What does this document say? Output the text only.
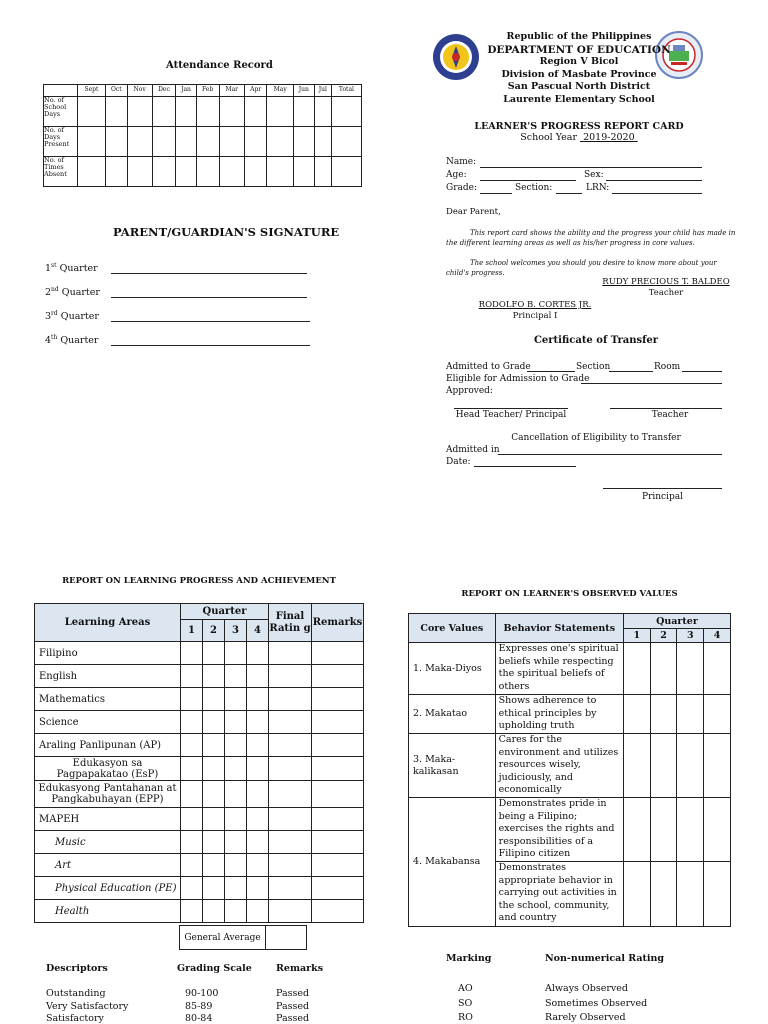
Attendance Record
	Sept	Oct	Nov	Dec	Jan	Feb	Mar	Apr	May	Jun	Jul	Total
No. of School Days												
No. of Days Present												
No. of Times Absent												
PARENT/GUARDIAN'S SIGNATURE
1st Quarter
2nd Quarter
3rd Quarter
4th Quarter
Republic of the Philippines
DEPARTMENT OF EDUCATION
Region V Bicol
Division of Masbate Province
San Pascual North District
Laurente Elementary School
LEARNER'S PROGRESS REPORT CARD
School Year 2019-2020
Name:
Age:	Sex:
Grade:	Section:	LRN:
Dear Parent,
This report card shows the ability and the progress your child has made in the different learning areas as well as his/her progress in core values.
The school welcomes you should you desire to know more about your child's progress.
RUDY PRECIOUS T. BALDEO
Teacher
RODOLFO B. CORTES JR.
Principal I
Certificate of Transfer
Admitted to Grade	Section	Room
Eligible for Admission to Grade
Approved:
Head Teacher/ Principal	Teacher
Cancellation of Eligibility to Transfer
Admitted in
Date:
Principal
REPORT ON LEARNING PROGRESS AND ACHIEVEMENT
Learning Areas	Quarter				Final Ratin g	Remarks
	1	2	3	4		
Filipino						
English						
Mathematics						
Science						
Araling Panlipunan (AP)						
Edukasyon sa Pagpapakatao (EsP)						
Edukasyong Pantahanan at Pangkabuhayan (EPP)						
MAPEH						
Music						
Art						
Physical Education (PE)						
Health						
General Average	
Descriptors	Grading Scale	Remarks
Outstanding	90-100	Passed
Very Satisfactory	85-89	Passed
Satisfactory	80-84	Passed
REPORT ON LEARNER'S OBSERVED VALUES
Core Values	Behavior Statements	Quarter			
		1	2	3	4
1. Maka-Diyos	Expresses one's spiritual beliefs while respecting the spiritual beliefs of others				
2. Makatao	Shows adherence to ethical principles by upholding truth				
3. Maka- kalikasan	Cares for the environment and utilizes resources wisely, judiciously, and economically				
4. Makabansa	Demonstrates pride in being a Filipino; exercises the rights and responsibilities of a Filipino citizen				
	Demonstrates appropriate behavior in carrying out activities in the school, community, and country				
Marking	Non-numerical Rating
AO	Always Observed
SO	Sometimes Observed
RO	Rarely Observed
